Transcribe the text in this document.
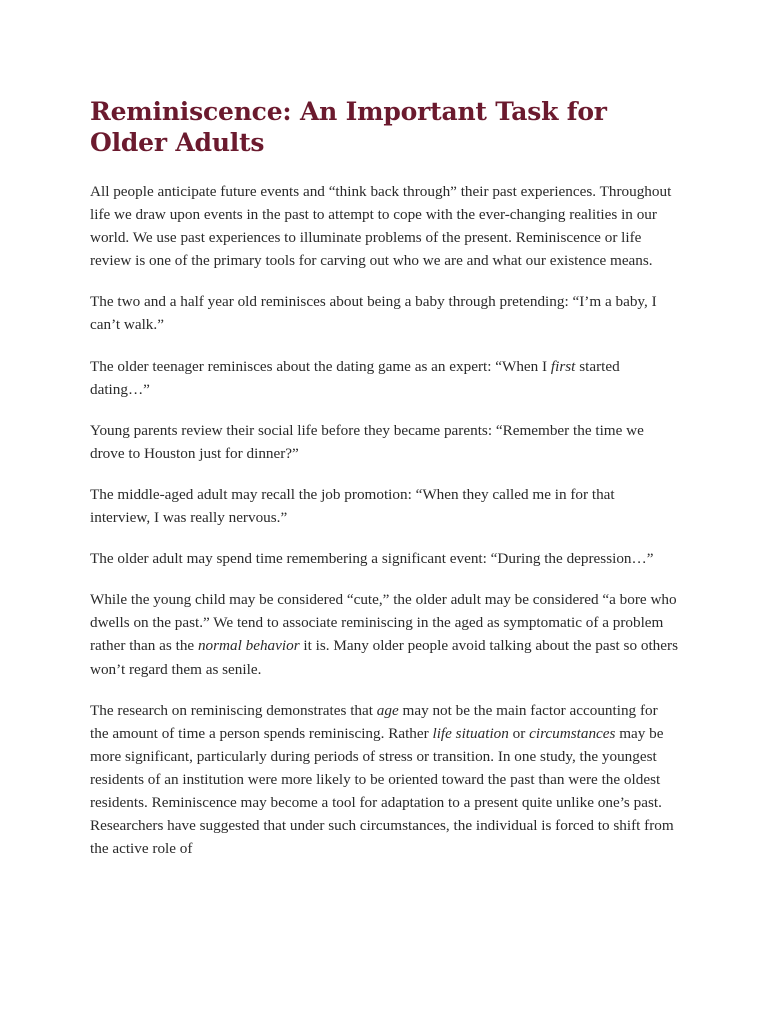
Reminiscence: An Important Task for Older Adults

All people anticipate future events and “think back through” their past experiences. Throughout life we draw upon events in the past to attempt to cope with the ever-changing realities in our world. We use past experiences to illuminate problems of the present. Reminiscence or life review is one of the primary tools for carving out who we are and what our existence means.

The two and a half year old reminisces about being a baby through pretending: “I’m a baby, I can’t walk.”

The older teenager reminisces about the dating game as an expert: “When I first started dating…”

Young parents review their social life before they became parents: “Remember the time we drove to Houston just for dinner?”

The middle-aged adult may recall the job promotion: “When they called me in for that interview, I was really nervous.”

The older adult may spend time remembering a significant event: “During the depression…”

While the young child may be considered “cute,” the older adult may be considered “a bore who dwells on the past.” We tend to associate reminiscing in the aged as symptomatic of a problem rather than as the normal behavior it is. Many older people avoid talking about the past so others won’t regard them as senile.

The research on reminiscing demonstrates that age may not be the main factor accounting for the amount of time a person spends reminiscing. Rather life situation or circumstances may be more significant, particularly during periods of stress or transition. In one study, the youngest residents of an institution were more likely to be oriented toward the past than were the oldest residents. Reminiscence may become a tool for adaptation to a present quite unlike one’s past. Researchers have suggested that under such circumstances, the individual is forced to shift from the active role of
